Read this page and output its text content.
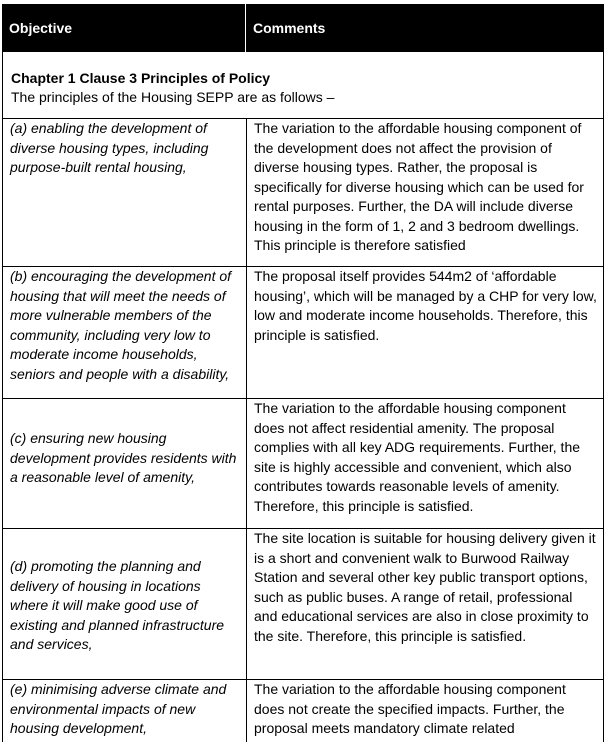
Objective	Comments
Chapter 1 Clause 3 Principles of Policy
The principles of the Housing SEPP are as follows –
(a) enabling the development of diverse housing types, including purpose-built rental housing,
The variation to the affordable housing component of the development does not affect the provision of diverse housing types. Rather, the proposal is specifically for diverse housing which can be used for rental purposes. Further, the DA will include diverse housing in the form of 1, 2 and 3 bedroom dwellings. This principle is therefore satisfied
(b) encouraging the development of housing that will meet the needs of more vulnerable members of the community, including very low to moderate income households, seniors and people with a disability,
The proposal itself provides 544m2 of ‘affordable housing’, which will be managed by a CHP for very low, low and moderate income households. Therefore, this principle is satisfied.
(c) ensuring new housing development provides residents with a reasonable level of amenity,
The variation to the affordable housing component does not affect residential amenity. The proposal complies with all key ADG requirements. Further, the site is highly accessible and convenient, which also contributes towards reasonable levels of amenity. Therefore, this principle is satisfied.
(d) promoting the planning and delivery of housing in locations where it will make good use of existing and planned infrastructure and services,
The site location is suitable for housing delivery given it is a short and convenient walk to Burwood Railway Station and several other key public transport options, such as public buses. A range of retail, professional and educational services are also in close proximity to the site. Therefore, this principle is satisfied.
(e) minimising adverse climate and environmental impacts of new housing development,
The variation to the affordable housing component does not create the specified impacts. Further, the proposal meets mandatory climate related
